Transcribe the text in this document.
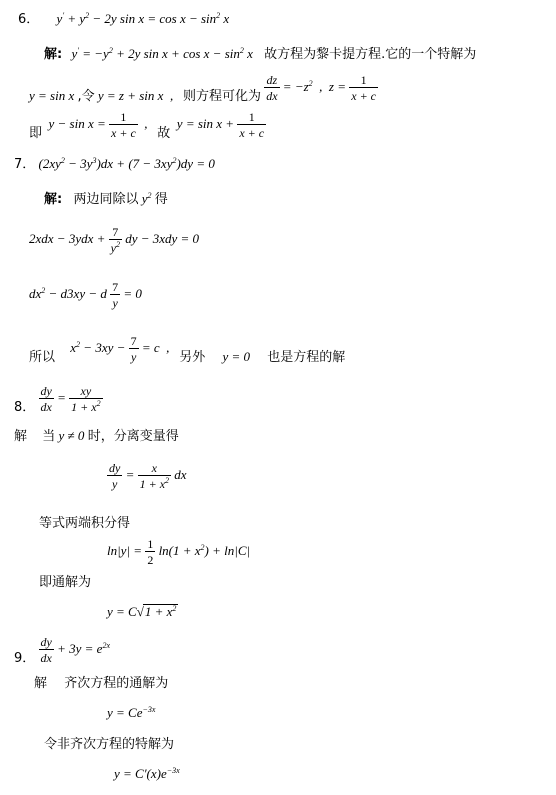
6． $y' + y^2 - 2y$ $\sin x = \cos x - \sin^2 x$
解: $y' = -y^2 + 2y$ $\sin x + \cos x - \sin^2 x$ 故方程为黎卡提方程.它的一个特解为
y = sin x ,令 y = z + sin x  ,   则方程可化为 $\frac{dz}{dx} = -z^2$  ,  $z = \frac{1}{x + c}$
即  $y - \sin x = \frac{1}{x + c}$ ,   故  $y = \sin x + \frac{1}{x + c}$
7． $(2xy^2 - 3y^3)dx + (7 - 3xy^2)dy = 0$
解: 两边同除以 $y^2$ 得
$2xdx - 3ydx + \frac{7}{y^2}$ dy − 3xdy = 0
$dx^2 - d3xy - d \frac{7}{y} = 0$
所以 $x^2 - 3xy - \frac{7}{y} = c$  ,   另外 y = 0 也是方程的解
8． $\frac{dy}{dx} = \frac{xy}{1 + x^2}$
解 当 y ≠ 0 时，分离变量得
$\frac{dy}{y} = \frac{x}{1 + x^2}$ dx
等式两端积分得
$\ln|y| = \frac{1}{2} \ln(1 + x^2) + \ln|C|$
即通解为
$y = C√1 + x^2$
9． $\frac{dy}{dx} + 3y = e^{2x}$
解 齐次方程的通解为
$y = Ce^{-3x}$
令非齐次方程的特解为
$y = C'(x)e^{-3x}$
